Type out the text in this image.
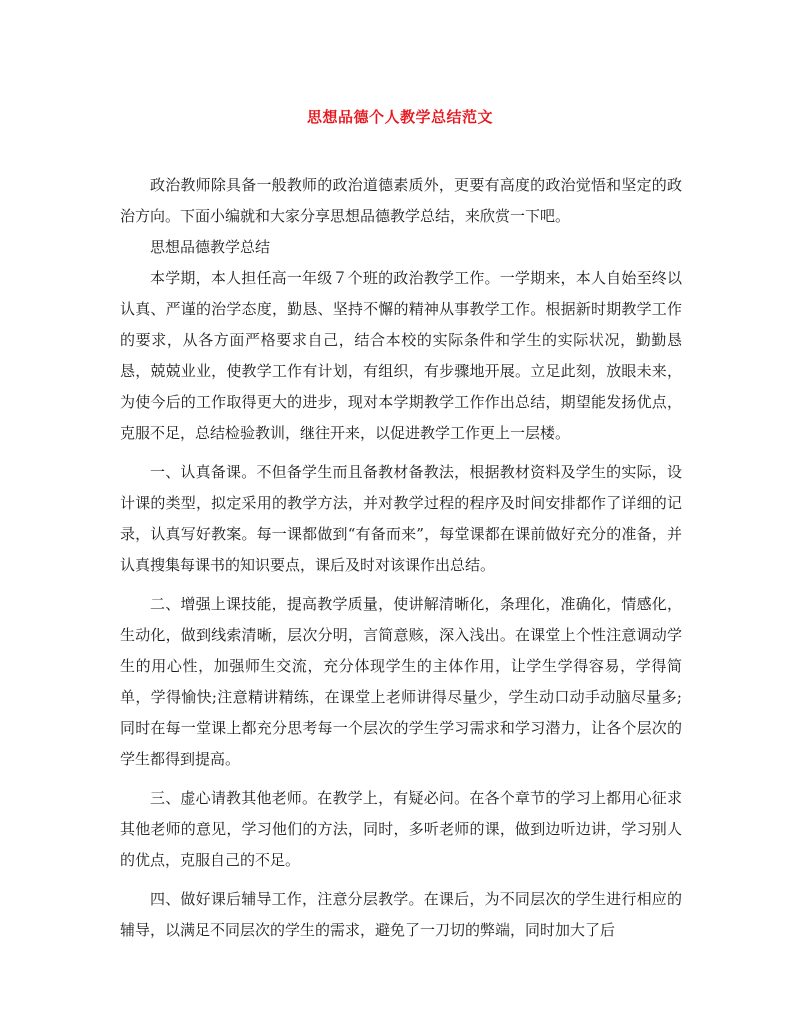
思想品德个人教学总结范文

政治教师除具备一般教师的政治道德素质外，更要有高度的政治觉悟和坚定的政治方向。下面小编就和大家分享思想品德教学总结，来欣赏一下吧。

思想品德教学总结

本学期，本人担任高一年级７个班的政治教学工作。一学期来，本人自始至终以认真、严谨的治学态度，勤恳、坚持不懈的精神从事教学工作。根据新时期教学工作的要求，从各方面严格要求自己，结合本校的实际条件和学生的实际状况，勤勤恳恳，兢兢业业，使教学工作有计划，有组织，有步骤地开展。立足此刻，放眼未来，为使今后的工作取得更大的进步，现对本学期教学工作作出总结，期望能发扬优点，克服不足，总结检验教训，继往开来，以促进教学工作更上一层楼。

一、认真备课。不但备学生而且备教材备教法，根据教材资料及学生的实际，设计课的类型，拟定采用的教学方法，并对教学过程的程序及时间安排都作了详细的记录，认真写好教案。每一课都做到“有备而来”，每堂课都在课前做好充分的准备，并认真搜集每课书的知识要点，课后及时对该课作出总结。

二、增强上课技能，提高教学质量，使讲解清晰化，条理化，准确化，情感化，生动化，做到线索清晰，层次分明，言简意赅，深入浅出。在课堂上个性注意调动学生的用心性，加强师生交流，充分体现学生的主体作用，让学生学得容易，学得简单，学得愉快;注意精讲精练，在课堂上老师讲得尽量少，学生动口动手动脑尽量多;同时在每一堂课上都充分思考每一个层次的学生学习需求和学习潜力，让各个层次的学生都得到提高。

三、虚心请教其他老师。在教学上，有疑必问。在各个章节的学习上都用心征求其他老师的意见，学习他们的方法，同时，多听老师的课，做到边听边讲，学习别人的优点，克服自己的不足。

四、做好课后辅导工作，注意分层教学。在课后，为不同层次的学生进行相应的辅导，以满足不同层次的学生的需求，避免了一刀切的弊端，同时加大了后
